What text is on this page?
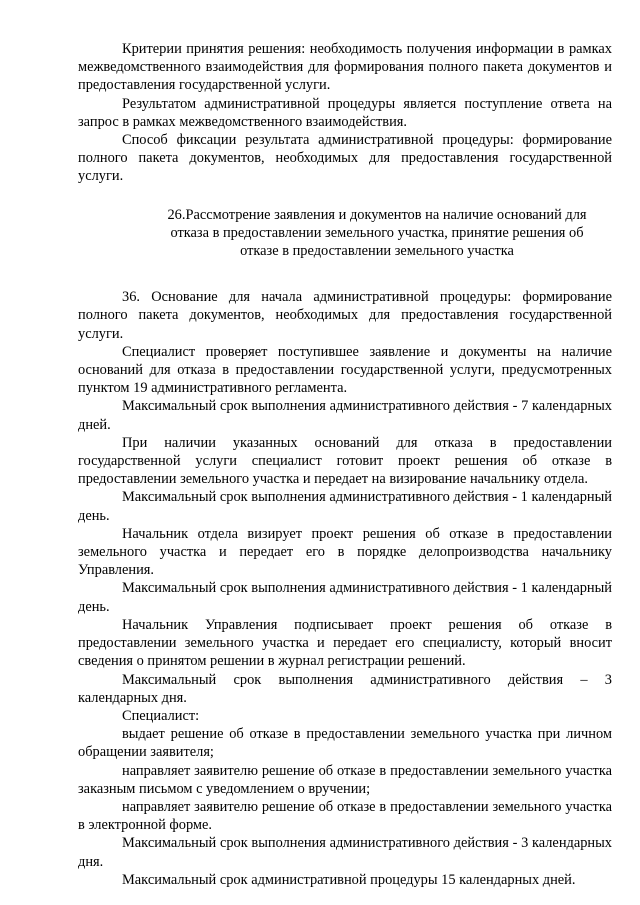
Критерии принятия решения: необходимость получения информации в рамках межведомственного взаимодействия для формирования полного пакета документов и предоставления государственной услуги.

Результатом административной процедуры является поступление ответа на запрос в рамках межведомственного взаимодействия.

Способ фиксации результата административной процедуры: формирование полного пакета документов, необходимых для предоставления государственной услуги.

26.Рассмотрение заявления и документов на наличие оснований для
отказа в предоставлении земельного участка, принятие решения об
отказе в предоставлении земельного участка

36. Основание для начала административной процедуры: формирование полного пакета документов, необходимых для предоставления государственной услуги.

Специалист проверяет поступившее заявление и документы на наличие оснований для отказа в предоставлении государственной услуги, предусмотренных пунктом 19 административного регламента.

Максимальный срок выполнения административного действия - 7 календарных дней.

При наличии указанных оснований для отказа в предоставлении государственной услуги специалист готовит проект решения об отказе в предоставлении земельного участка и передает на визирование начальнику отдела.

Максимальный срок выполнения административного действия - 1 календарный день.

Начальник отдела визирует проект решения об отказе в предоставлении земельного участка и передает его в порядке делопроизводства начальнику Управления.

Максимальный срок выполнения административного действия - 1 календарный день.

Начальник Управления подписывает проект решения об отказе в предоставлении земельного участка и передает его специалисту, который вносит сведения о принятом решении в журнал регистрации решений.

Максимальный срок выполнения административного действия – 3 календарных дня.

Специалист:

выдает решение об отказе в предоставлении земельного участка при личном обращении заявителя;

направляет заявителю решение об отказе в предоставлении земельного участка заказным письмом с уведомлением о вручении;

направляет заявителю решение об отказе в предоставлении земельного участка в электронной форме.

Максимальный срок выполнения административного действия - 3 календарных дня.

Максимальный срок административной процедуры 15 календарных дней.
